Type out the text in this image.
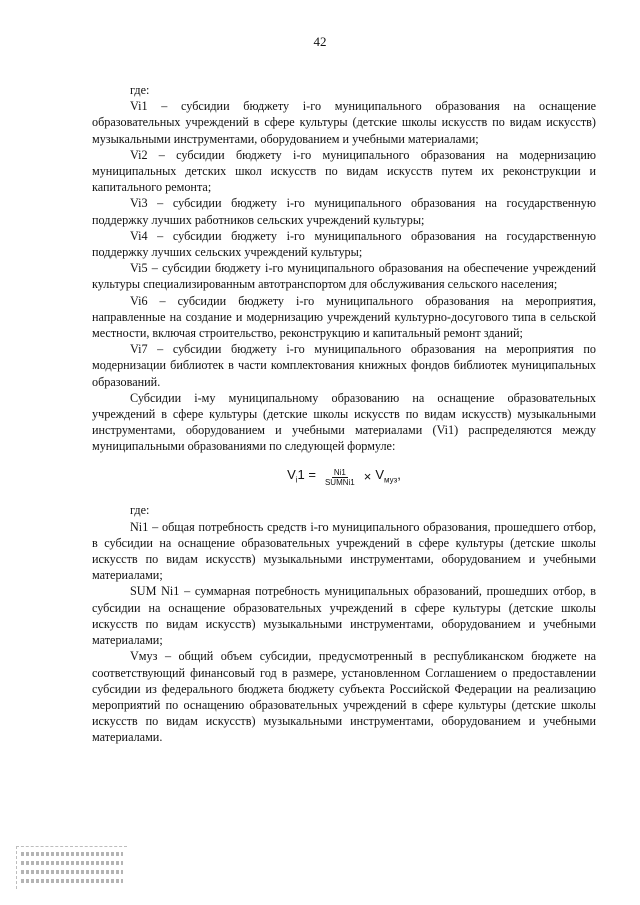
42

где:

Vi1 – субсидии бюджету i-го муниципального образования на оснащение образовательных учреждений в сфере культуры (детские школы искусств по видам искусств) музыкальными инструментами, оборудованием и учебными материалами;

Vi2 – субсидии бюджету i-го муниципального образования на модернизацию муниципальных детских школ искусств по видам искусств путем их реконструкции и капитального ремонта;

Vi3 – субсидии бюджету i-го муниципального образования на государственную поддержку лучших работников сельских учреждений культуры;

Vi4 – субсидии бюджету i-го муниципального образования на государственную поддержку лучших сельских учреждений культуры;

Vi5 – субсидии бюджету i-го муниципального образования на обеспечение учреждений культуры специализированным автотранспортом для обслуживания сельского населения;

Vi6 – субсидии бюджету i-го муниципального образования на мероприятия, направленные на создание и модернизацию учреждений культурно-досугового типа в сельской местности, включая строительство, реконструкцию и капитальный ремонт зданий;

Vi7 – субсидии бюджету i-го муниципального образования на мероприятия по модернизации библиотек в части комплектования книжных фондов библиотек муниципальных образований.

Субсидии i-му муниципальному образованию на оснащение образовательных учреждений в сфере культуры (детские школы искусств по видам искусств) музыкальными инструментами, оборудованием и учебными материалами (Vi1) распределяются между муниципальными образованиями по следующей формуле:

$V_i1 = \frac{Ni1}{\text{SUMNi1}} \times V_{муз}$,

где:

Ni1 – общая потребность средств i-го муниципального образования, прошедшего отбор, в субсидии на оснащение образовательных учреждений в сфере культуры (детские школы искусств по видам искусств) музыкальными инструментами, оборудованием и учебными материалами;

SUM Ni1 – суммарная потребность муниципальных образований, прошедших отбор, в субсидии на оснащение образовательных учреждений в сфере культуры (детские школы искусств по видам искусств) музыкальными инструментами, оборудованием и учебными материалами;

Vмуз – общий объем субсидии, предусмотренный в республиканском бюджете на соответствующий финансовый год в размере, установленном Соглашением о предоставлении субсидии из федерального бюджета бюджету субъекта Российской Федерации на реализацию мероприятий по оснащению образовательных учреждений в сфере культуры (детские школы искусств по видам искусств) музыкальными инструментами, оборудованием и учебными материалами.
